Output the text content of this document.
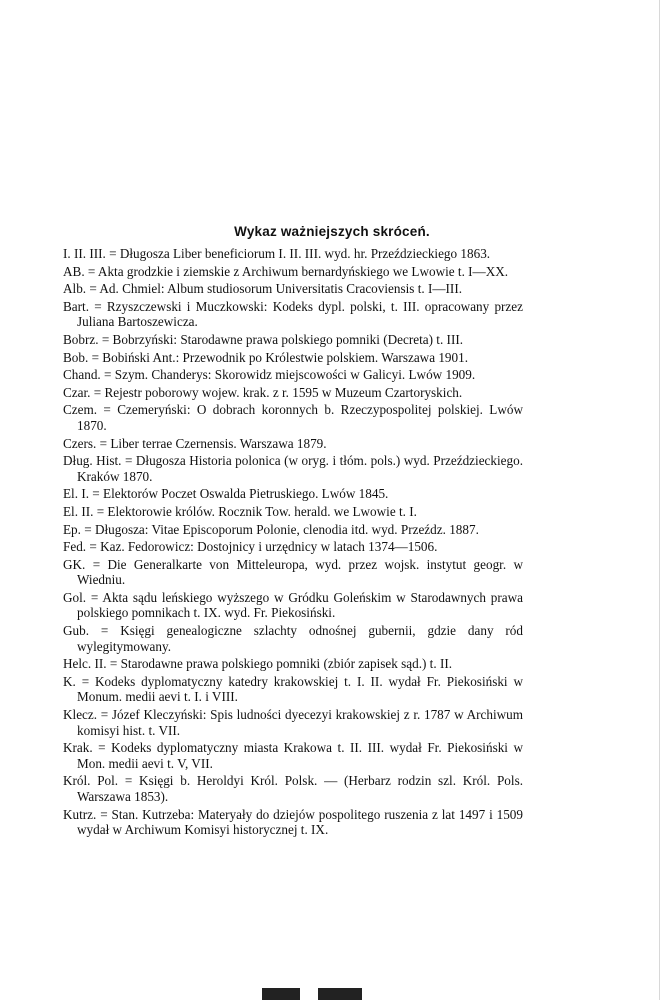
Wykaz ważniejszych skróceń.

I. II. III. = Długosza Liber beneficiorum I. II. III. wyd. hr. Przeździeckiego 1863.

AB. = Akta grodzkie i ziemskie z Archiwum bernardyńskiego we Lwowie t. I—XX.

Alb. = Ad. Chmiel: Album studiosorum Universitatis Cracoviensis t. I—III.

Bart. = Rzyszczewski i Muczkowski: Kodeks dypl. polski, t. III. opracowany przez Juliana Bartoszewicza.

Bobrz. = Bobrzyński: Starodawne prawa polskiego pomniki (Decreta) t. III.

Bob. = Bobiński Ant.: Przewodnik po Królestwie polskiem. Warszawa 1901.

Chand. = Szym. Chanderys: Skorowidz miejscowości w Galicyi. Lwów 1909.

Czar. = Rejestr poborowy wojew. krak. z r. 1595 w Muzeum Czartoryskich.

Czem. = Czemeryński: O dobrach koronnych b. Rzeczypospolitej polskiej. Lwów 1870.

Czers. = Liber terrae Czernensis. Warszawa 1879.

Dług. Hist. = Długosza Historia polonica (w oryg. i tłóm. pols.) wyd. Przeździeckiego. Kraków 1870.

El. I. = Elektorów Poczet Oswalda Pietruskiego. Lwów 1845.

El. II. = Elektorowie królów. Rocznik Tow. herald. we Lwowie t. I.

Ep. = Długosza: Vitae Episcoporum Polonie, clenodia itd. wyd. Przeźdz. 1887.

Fed. = Kaz. Fedorowicz: Dostojnicy i urzędnicy w latach 1374—1506.

GK. = Die Generalkarte von Mitteleuropa, wyd. przez wojsk. instytut geogr. w Wiedniu.

Gol. = Akta sądu leńskiego wyższego w Gródku Goleńskim w Starodawnych prawa polskiego pomnikach t. IX. wyd. Fr. Piekosiński.

Gub. = Księgi genealogiczne szlachty odnośnej gubernii, gdzie dany ród wylegitymowany.

Helc. II. = Starodawne prawa polskiego pomniki (zbiór zapisek sąd.) t. II.

K. = Kodeks dyplomatyczny katedry krakowskiej t. I. II. wydał Fr. Piekosiński w Monum. medii aevi t. I. i VIII.

Klecz. = Józef Kleczyński: Spis ludności dyecezyi krakowskiej z r. 1787 w Archiwum komisyi hist. t. VII.

Krak. = Kodeks dyplomatyczny miasta Krakowa t. II. III. wydał Fr. Piekosiński w Mon. medii aevi t. V, VII.

Król. Pol. = Księgi b. Heroldyi Król. Polsk. — (Herbarz rodzin szl. Król. Pols. Warszawa 1853).

Kutrz. = Stan. Kutrzeba: Materyały do dziejów pospolitego ruszenia z lat 1497 i 1509 wydał w Archiwum Komisyi historycznej t. IX.
